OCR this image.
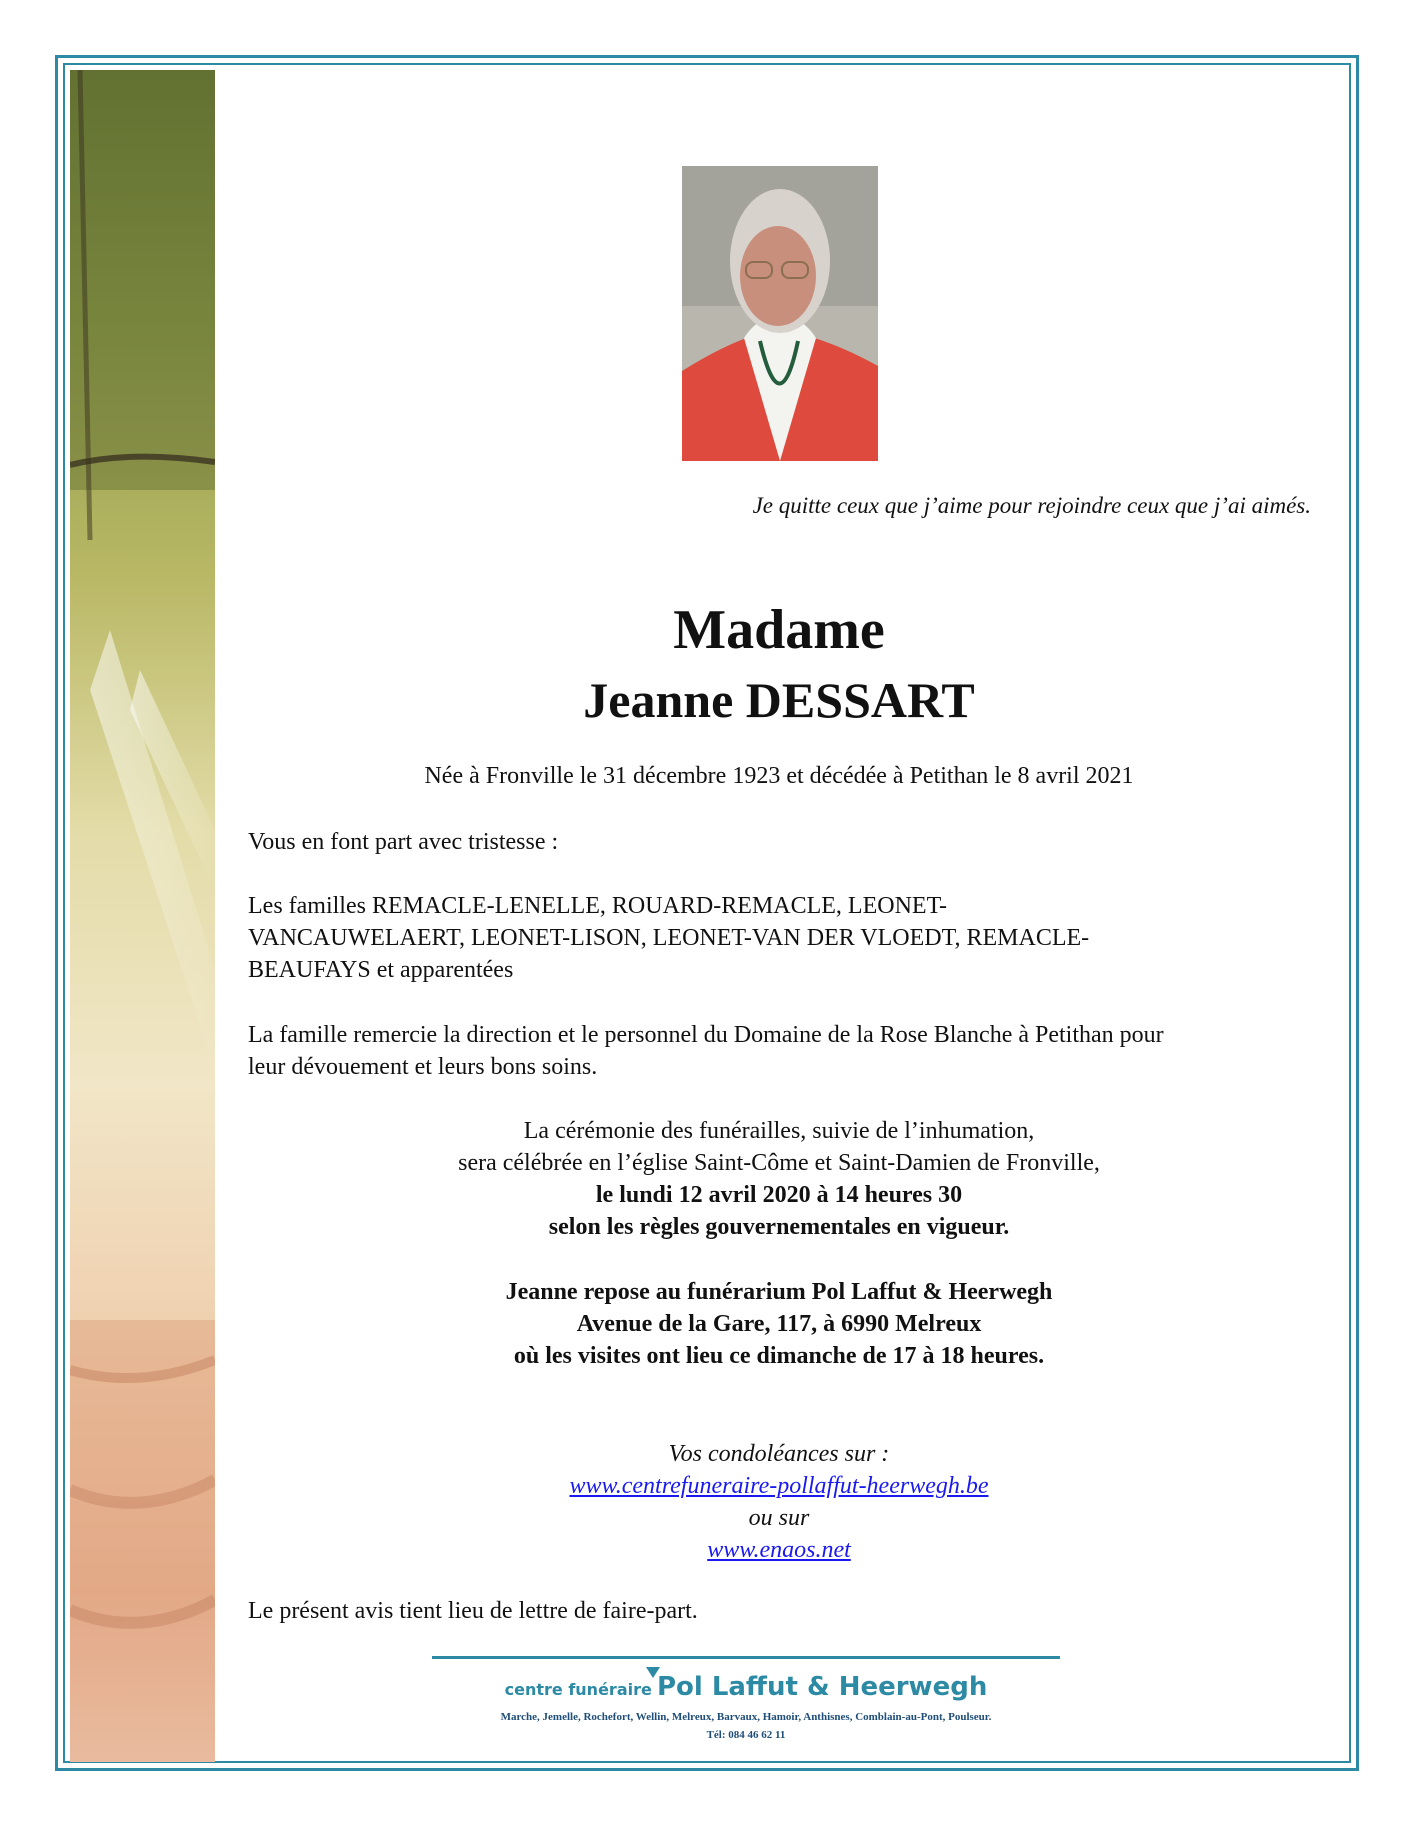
Je quitte ceux que j’aime pour rejoindre ceux que j’ai aimés.

Madame

Jeanne DESSART

Née à Fronville le 31 décembre 1923 et décédée à Petithan le 8 avril 2021

Vous en font part avec tristesse :

Les familles REMACLE-LENELLE, ROUARD-REMACLE, LEONET-

VANCAUWELAERT, LEONET-LISON, LEONET-VAN DER VLOEDT, REMACLE-

BEAUFAYS et apparentées

La famille remercie la direction et le personnel du Domaine de la Rose Blanche à Petithan pour

leur dévouement et leurs bons soins.

La cérémonie des funérailles, suivie de l’inhumation,

sera célébrée en l’église Saint-Côme et Saint-Damien de Fronville,

le lundi 12 avril 2020 à 14 heures 30

selon les règles gouvernementales en vigueur.

Jeanne repose au funérarium Pol Laffut & Heerwegh

Avenue de la Gare, 117, à 6990 Melreux

où les visites ont lieu ce dimanche de 17 à 18 heures.

Vos condoléances sur :

www.centrefuneraire-pollaffut-heerwegh.be

ou sur

www.enaos.net

Le présent avis tient lieu de lettre de faire-part.

centre funéraire Pol Laffut & Heerwegh
Marche, Jemelle, Rochefort, Wellin, Melreux, Barvaux, Hamoir, Anthisnes, Comblain-au-Pont, Poulseur.
Tél: 084 46 62 11
